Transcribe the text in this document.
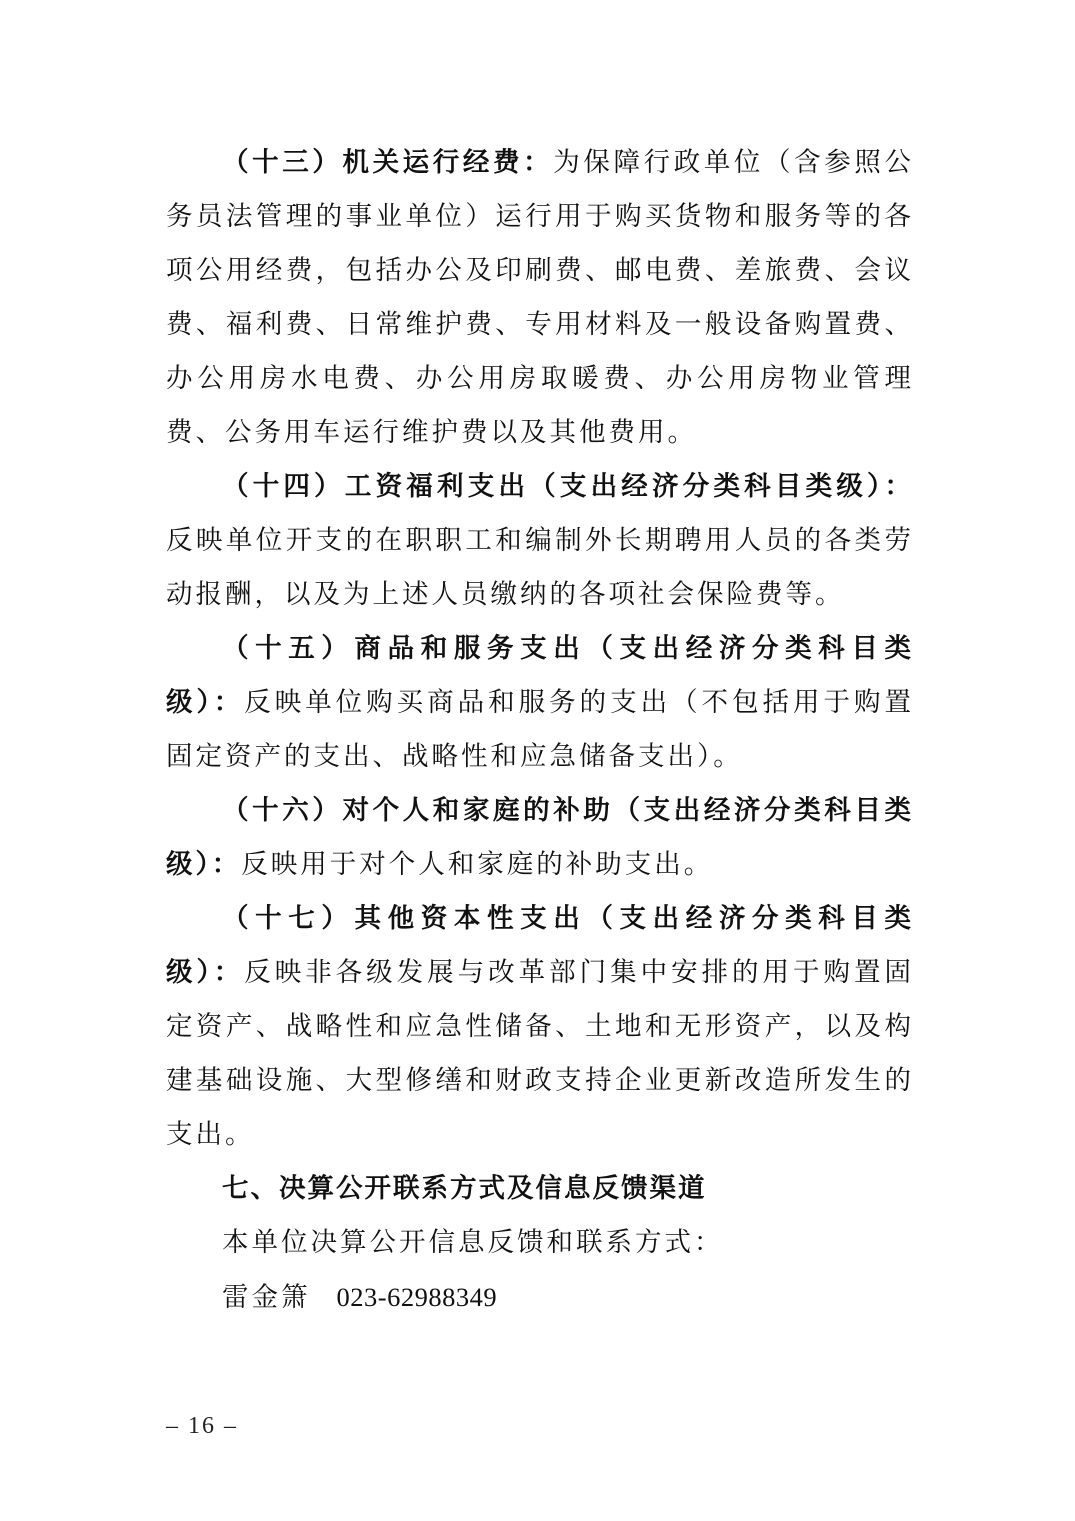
（十三）机关运行经费：为保障行政单位（含参照公务员法管理的事业单位）运行用于购买货物和服务等的各项公用经费，包括办公及印刷费、邮电费、差旅费、会议费、福利费、日常维护费、专用材料及一般设备购置费、办公用房水电费、办公用房取暖费、办公用房物业管理费、公务用车运行维护费以及其他费用。

（十四）工资福利支出（支出经济分类科目类级）：反映单位开支的在职职工和编制外长期聘用人员的各类劳动报酬，以及为上述人员缴纳的各项社会保险费等。

（十五）商品和服务支出（支出经济分类科目类级）：反映单位购买商品和服务的支出（不包括用于购置固定资产的支出、战略性和应急储备支出）。

（十六）对个人和家庭的补助（支出经济分类科目类级）：反映用于对个人和家庭的补助支出。

（十七）其他资本性支出（支出经济分类科目类级）：反映非各级发展与改革部门集中安排的用于购置固定资产、战略性和应急性储备、土地和无形资产，以及构建基础设施、大型修缮和财政支持企业更新改造所发生的支出。

七、决算公开联系方式及信息反馈渠道

本单位决算公开信息反馈和联系方式：

雷金箫 023-62988349

– 16 –
